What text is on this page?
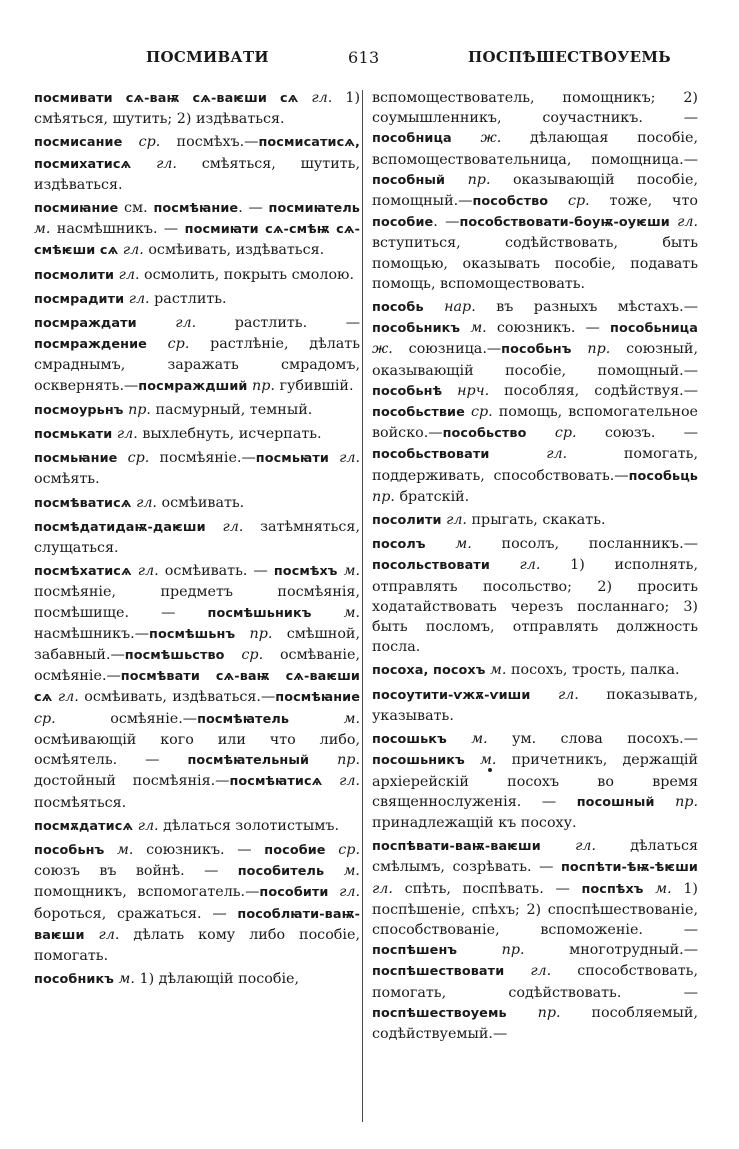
ПОСМИВАТИ	613	ПОСПѢШЕСТВОУЕМЬ

посмивати сѧ-ваѭ сѧ-ваѥши сѧ гл. 1) смѣяться, шутить; 2) издѣваться.

посмисание ср. посмѣхъ.—посмисатисѧ, посмихатисѧ гл. смѣяться, шутить, издѣваться.

посмиꙗние см. посмѣꙗние. — посмиꙗтель м. насмѣшникъ. — посмиꙗти сѧ-смѣѭ сѧ-смѣѥши сѧ гл. осмѣивать, издѣваться.

посмолити гл. осмолить, покрыть смолою.

посмрадити гл. растлить.

посмраждати гл. растлить. — посмраждение ср. растлѣніе, дѣлать смраднымъ, заражать смрадомъ, осквернять.—посмраждший пр. губившій.

посмоурьнъ пр. пасмурный, темный.

посмькати гл. выхлебнуть, исчерпать.

посмьꙗние ср. посмѣяніе.—посмьꙗти гл. осмѣять.

посмѣватисѧ гл. осмѣивать.

посмѣдатидаѭ-даѥши гл. затѣмняться, слущаться.

посмѣхатисѧ гл. осмѣивать. — посмѣхъ м. посмѣяніе, предметъ посмѣянія, посмѣшище. — посмѣшьникъ м. насмѣшникъ.—посмѣшьнъ пр. смѣшной, забавный.—посмѣшьство ср. осмѣваніе, осмѣяніе.—посмѣвати сѧ-ваѭ сѧ-ваѥши сѧ гл. осмѣивать, издѣваться.—посмѣꙗние ср. осмѣяніе.—посмѣꙗтель м. осмѣивающій кого или что либо, осмѣятель. — посмѣꙗтельный пр. достойный посмѣянія.—посмѣꙗтисѧ гл. посмѣяться.

посмѫдатисѧ гл. дѣлаться золотистымъ.

пособьнъ м. союзникъ. — пособие ср. союзъ въ войнѣ. — пособитель м. помощникъ, вспомогатель.—пособити гл. бороться, сражаться. — пособлꙗти-ваѭ-ваѥши гл. дѣлать кому либо пособіе, помогать.

пособникъ м. 1) дѣлающій пособіе,

вспомоществователь, помощникъ; 2) соумышленникъ, соучастникъ. —пособница ж. дѣлающая пособіе, вспомоществовательница, помощница.—пособный пр. оказывающій пособіе, помощный.—пособство ср. тоже, что пособие. —пособствовати-боуѭ-оуѥши гл. вступиться, содѣйствовать, быть помощью, оказывать пособіе, подавать помощь, вспомоществовать.

пособь нар. въ разныхъ мѣстахъ.— пособьникъ м. союзникъ. — пособьница ж. союзница.—пособьнъ пр. союзный, оказывающій пособіе, помощный.—пособьнѣ нрч. пособляя, содѣйствуя.—пособьствие ср. помощь, вспомогательное войско.—пособьство ср. союзъ. — пособьствовати гл. помогать, поддерживать, способствовать.—пособьць пр. братскій.

посолити гл. прыгать, скакать.

посолъ м. посолъ, посланникъ.—посольствовати гл. 1) исполнять, отправлять посольство; 2) просить ходатайствовать черезъ посланнаго; 3) быть посломъ, отправлять должность посла.

посоха, посохъ м. посохъ, трость, палка.

посоутити-ѵжѫ-ѵиши гл. показывать, указывать.

посошькъ м. ум. слова посохъ.—посошьникъ м. причетникъ, держащій архіерейскій посохъ во время священнослуженія. — посошный пр. принадлежащій къ посоху.

поспѣвати-ваѭ-ваѥши гл. дѣлаться смѣлымъ, созрѣвать. — поспѣти-ѣѭ-ѣѥши гл. спѣть, поспѣвать. — поспѣхъ м. 1) поспѣшеніе, спѣхъ; 2) споспѣшествованіе, способствованіе, вспоможеніе. — поспѣшенъ пр. многотрудный.—поспѣшествовати гл. способствовать, помогать, содѣйствовать. — поспѣшествоуемь пр. пособляемый, содѣйствуемый.—
